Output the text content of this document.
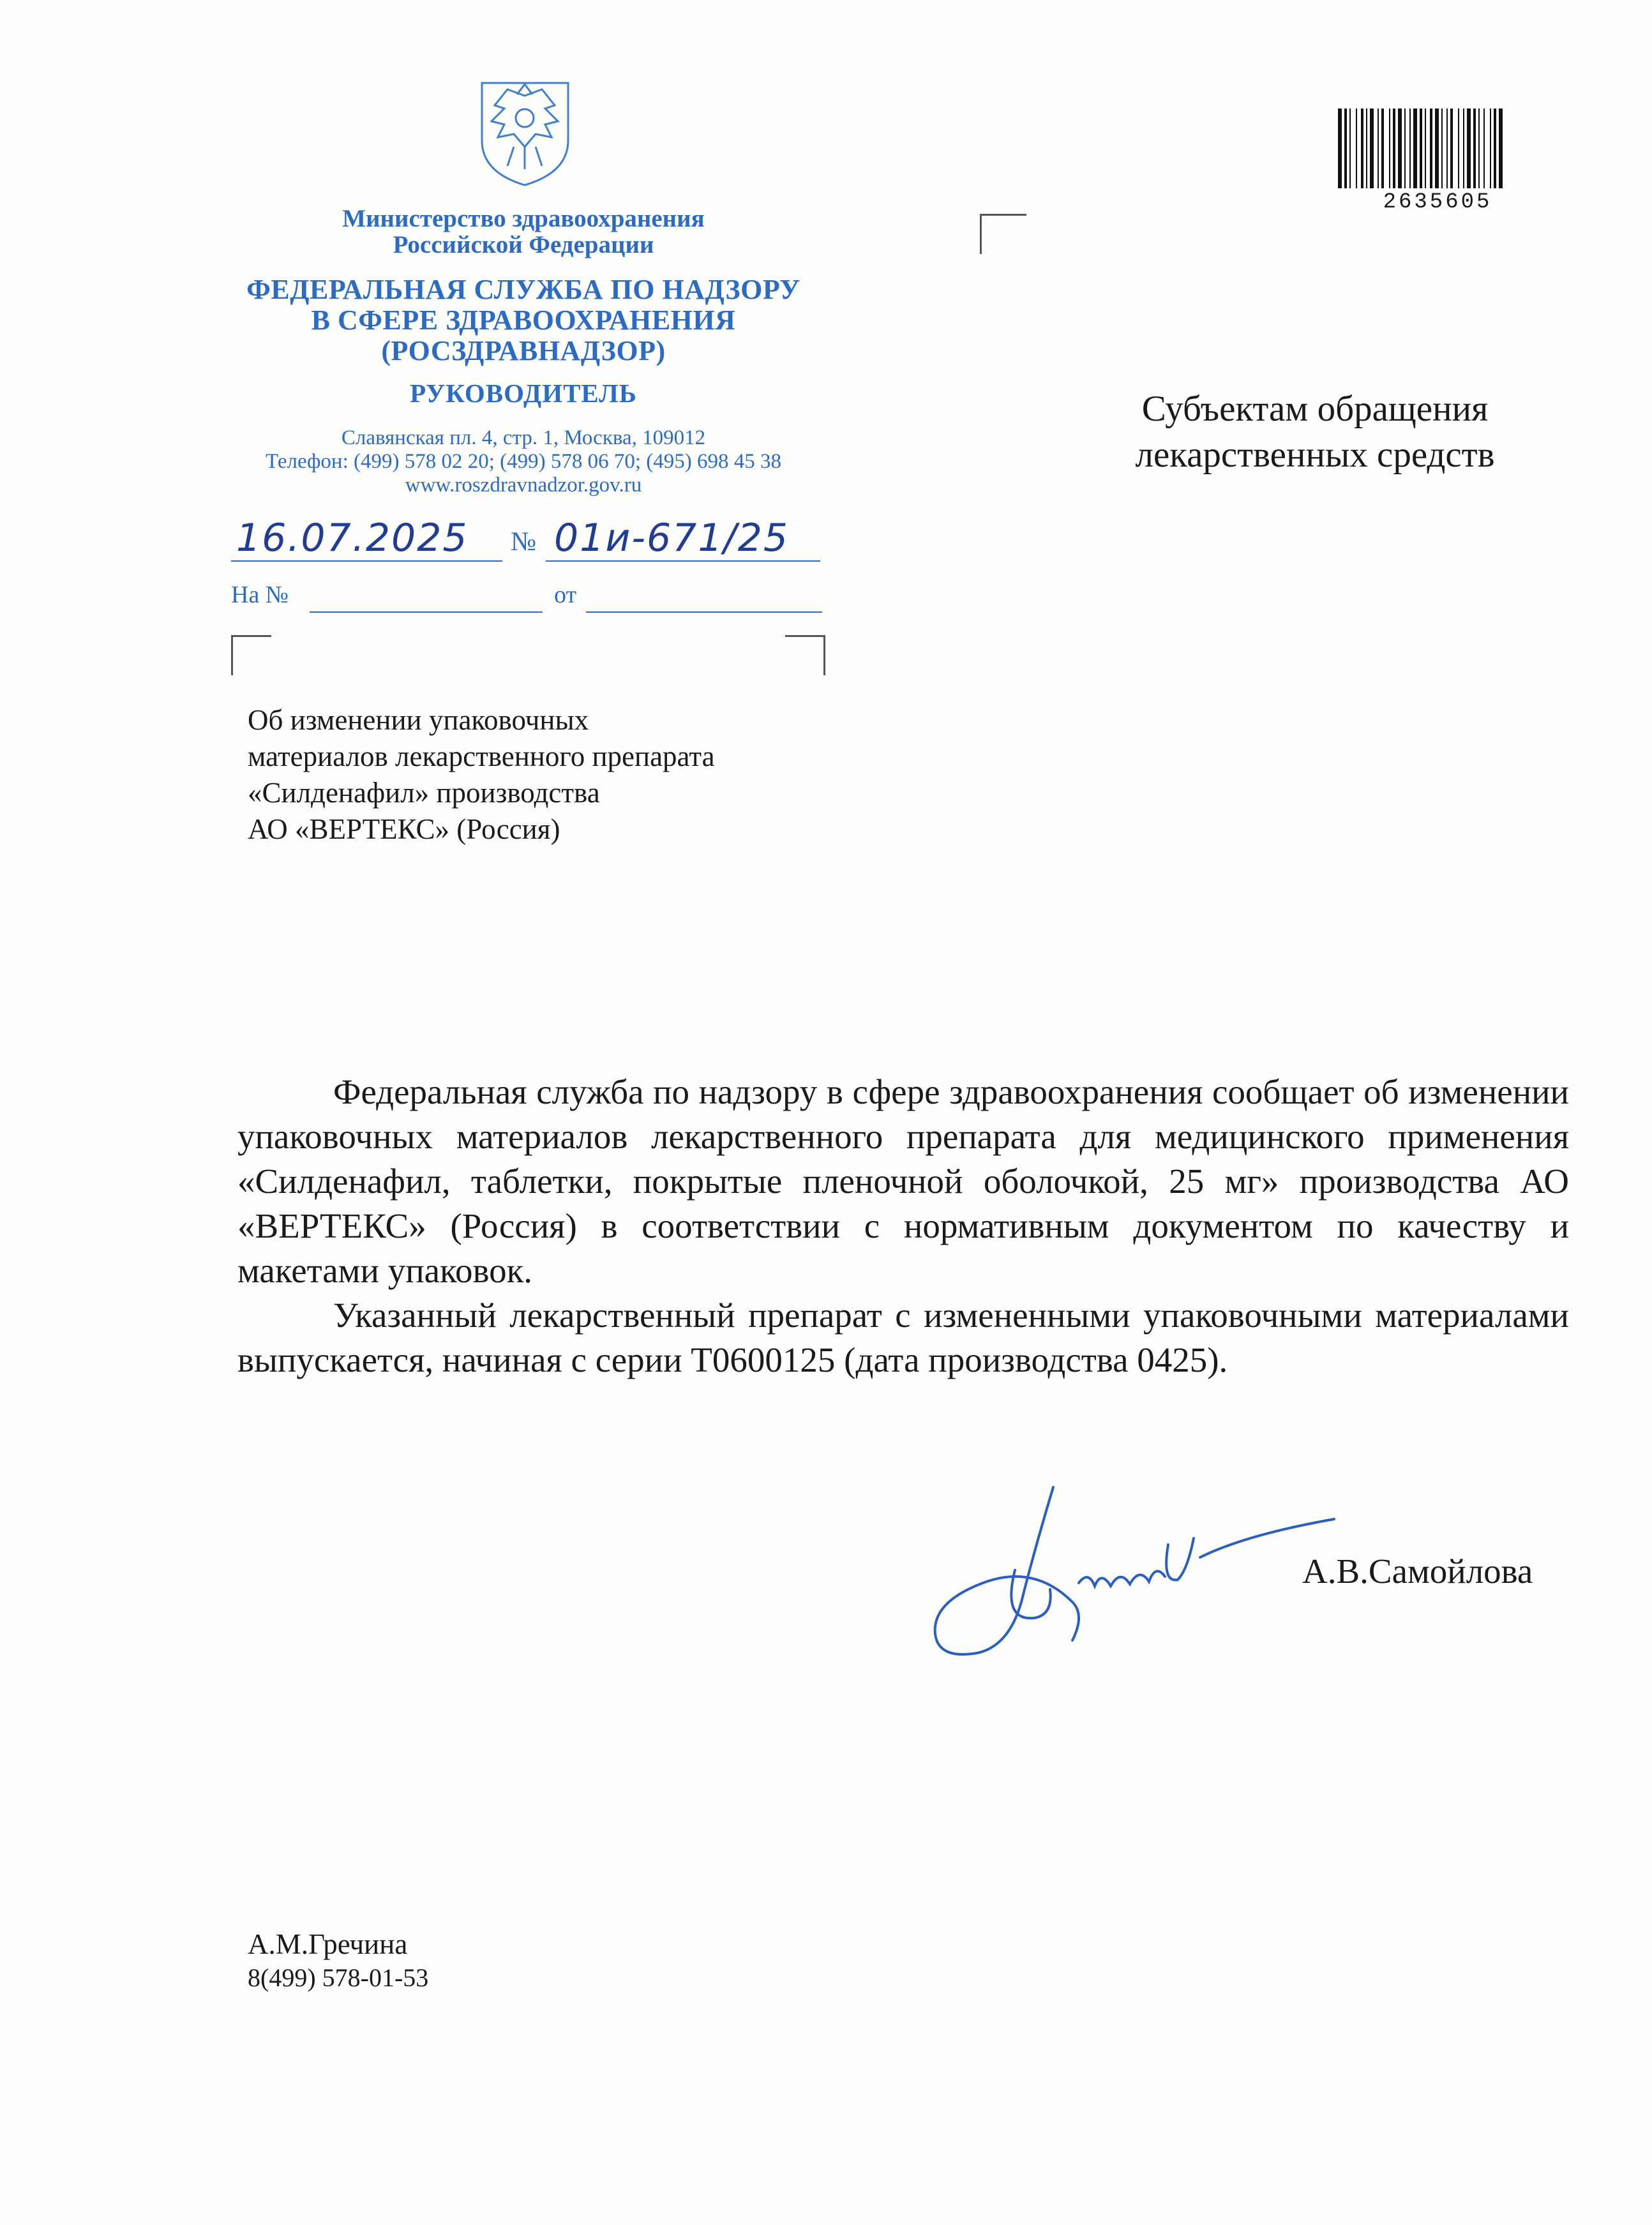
Министерство здравоохранения
Российской Федерации
ФЕДЕРАЛЬНАЯ СЛУЖБА ПО НАДЗОРУ
В СФЕРЕ ЗДРАВООХРАНЕНИЯ
(РОСЗДРАВНАДЗОР)
РУКОВОДИТЕЛЬ
Славянская пл. 4, стр. 1, Москва, 109012
Телефон: (499) 578 02 20; (499) 578 06 70; (495) 698 45 38
www.roszdravnadzor.gov.ru
16.07.2025 № 01и-671/25
На №	от
2635605
Субъектам обращения
лекарственных средств
Об изменении упаковочных
материалов лекарственного препарата
«Силденафил» производства
АО «ВЕРТЕКС» (Россия)

Федеральная служба по надзору в сфере здравоохранения сообщает об изменении упаковочных материалов лекарственного препарата для медицинского применения «Силденафил, таблетки, покрытые пленочной оболочкой, 25 мг» производства АО «ВЕРТЕКС» (Россия) в соответствии с нормативным документом по качеству и макетами упаковок.

Указанный лекарственный препарат с измененными упаковочными материалами выпускается, начиная с серии T0600125 (дата производства 0425).

А.В.Самойлова
А.М.Гречина
8(499) 578-01-53
